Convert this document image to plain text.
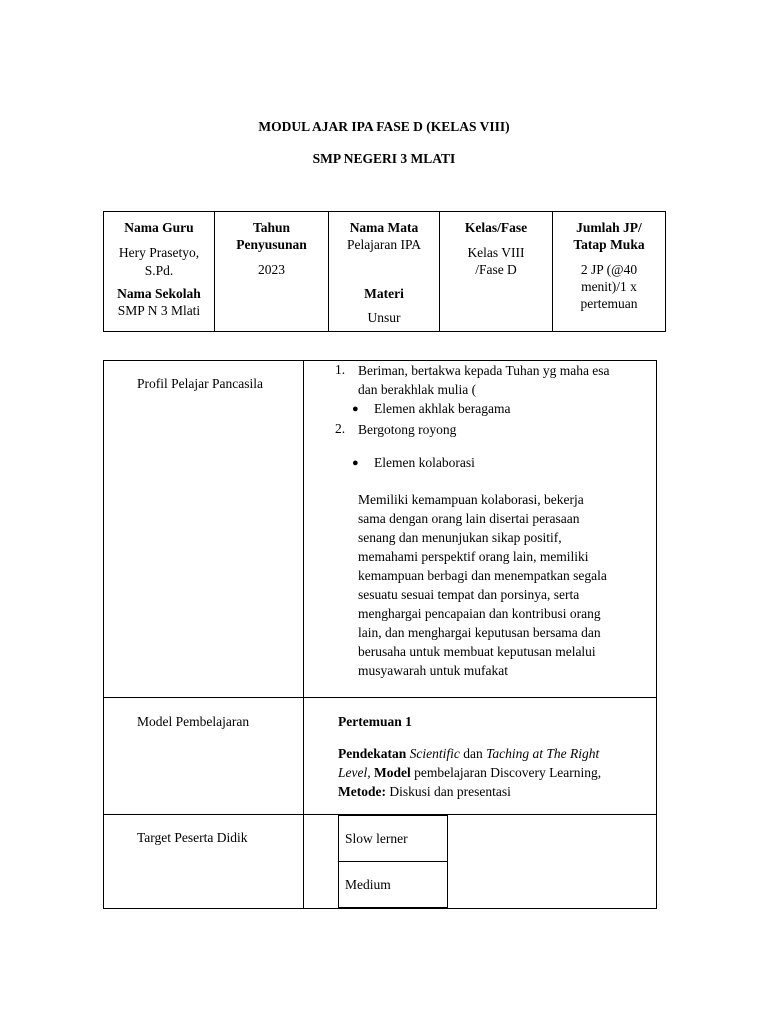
MODUL AJAR IPA FASE D (KELAS VIII)
SMP NEGERI 3 MLATI
Nama Guru
Hery Prasetyo,
S.Pd.
Nama Sekolah
SMP N 3 Mlati
Tahun
Penyusunan
2023
Nama Mata
Pelajaran IPA
Materi
Unsur
Kelas/Fase
Kelas VIII
/Fase D
Jumlah JP/
Tatap Muka
2 JP (@40
menit)/1 x
pertemuan
Profil Pelajar Pancasila
1. Beriman, bertakwa kepada Tuhan yg maha esa
dan berakhlak mulia (
● Elemen akhlak beragama
2. Bergotong royong
● Elemen kolaborasi
Memiliki kemampuan kolaborasi, bekerja
sama dengan orang lain disertai perasaan
senang dan menunjukan sikap positif,
memahami perspektif orang lain, memiliki
kemampuan berbagi dan menempatkan segala
sesuatu sesuai tempat dan porsinya, serta
menghargai pencapaian dan kontribusi orang
lain, dan menghargai keputusan bersama dan
berusaha untuk membuat keputusan melalui
musyawarah untuk mufakat
Model Pembelajaran	Pertemuan 1
Pendekatan Scientific dan Taching at The Right
Level, Model pembelajaran Discovery Learning,
Metode: Diskusi dan presentasi
Target Peserta Didik	Slow lerner
Medium
